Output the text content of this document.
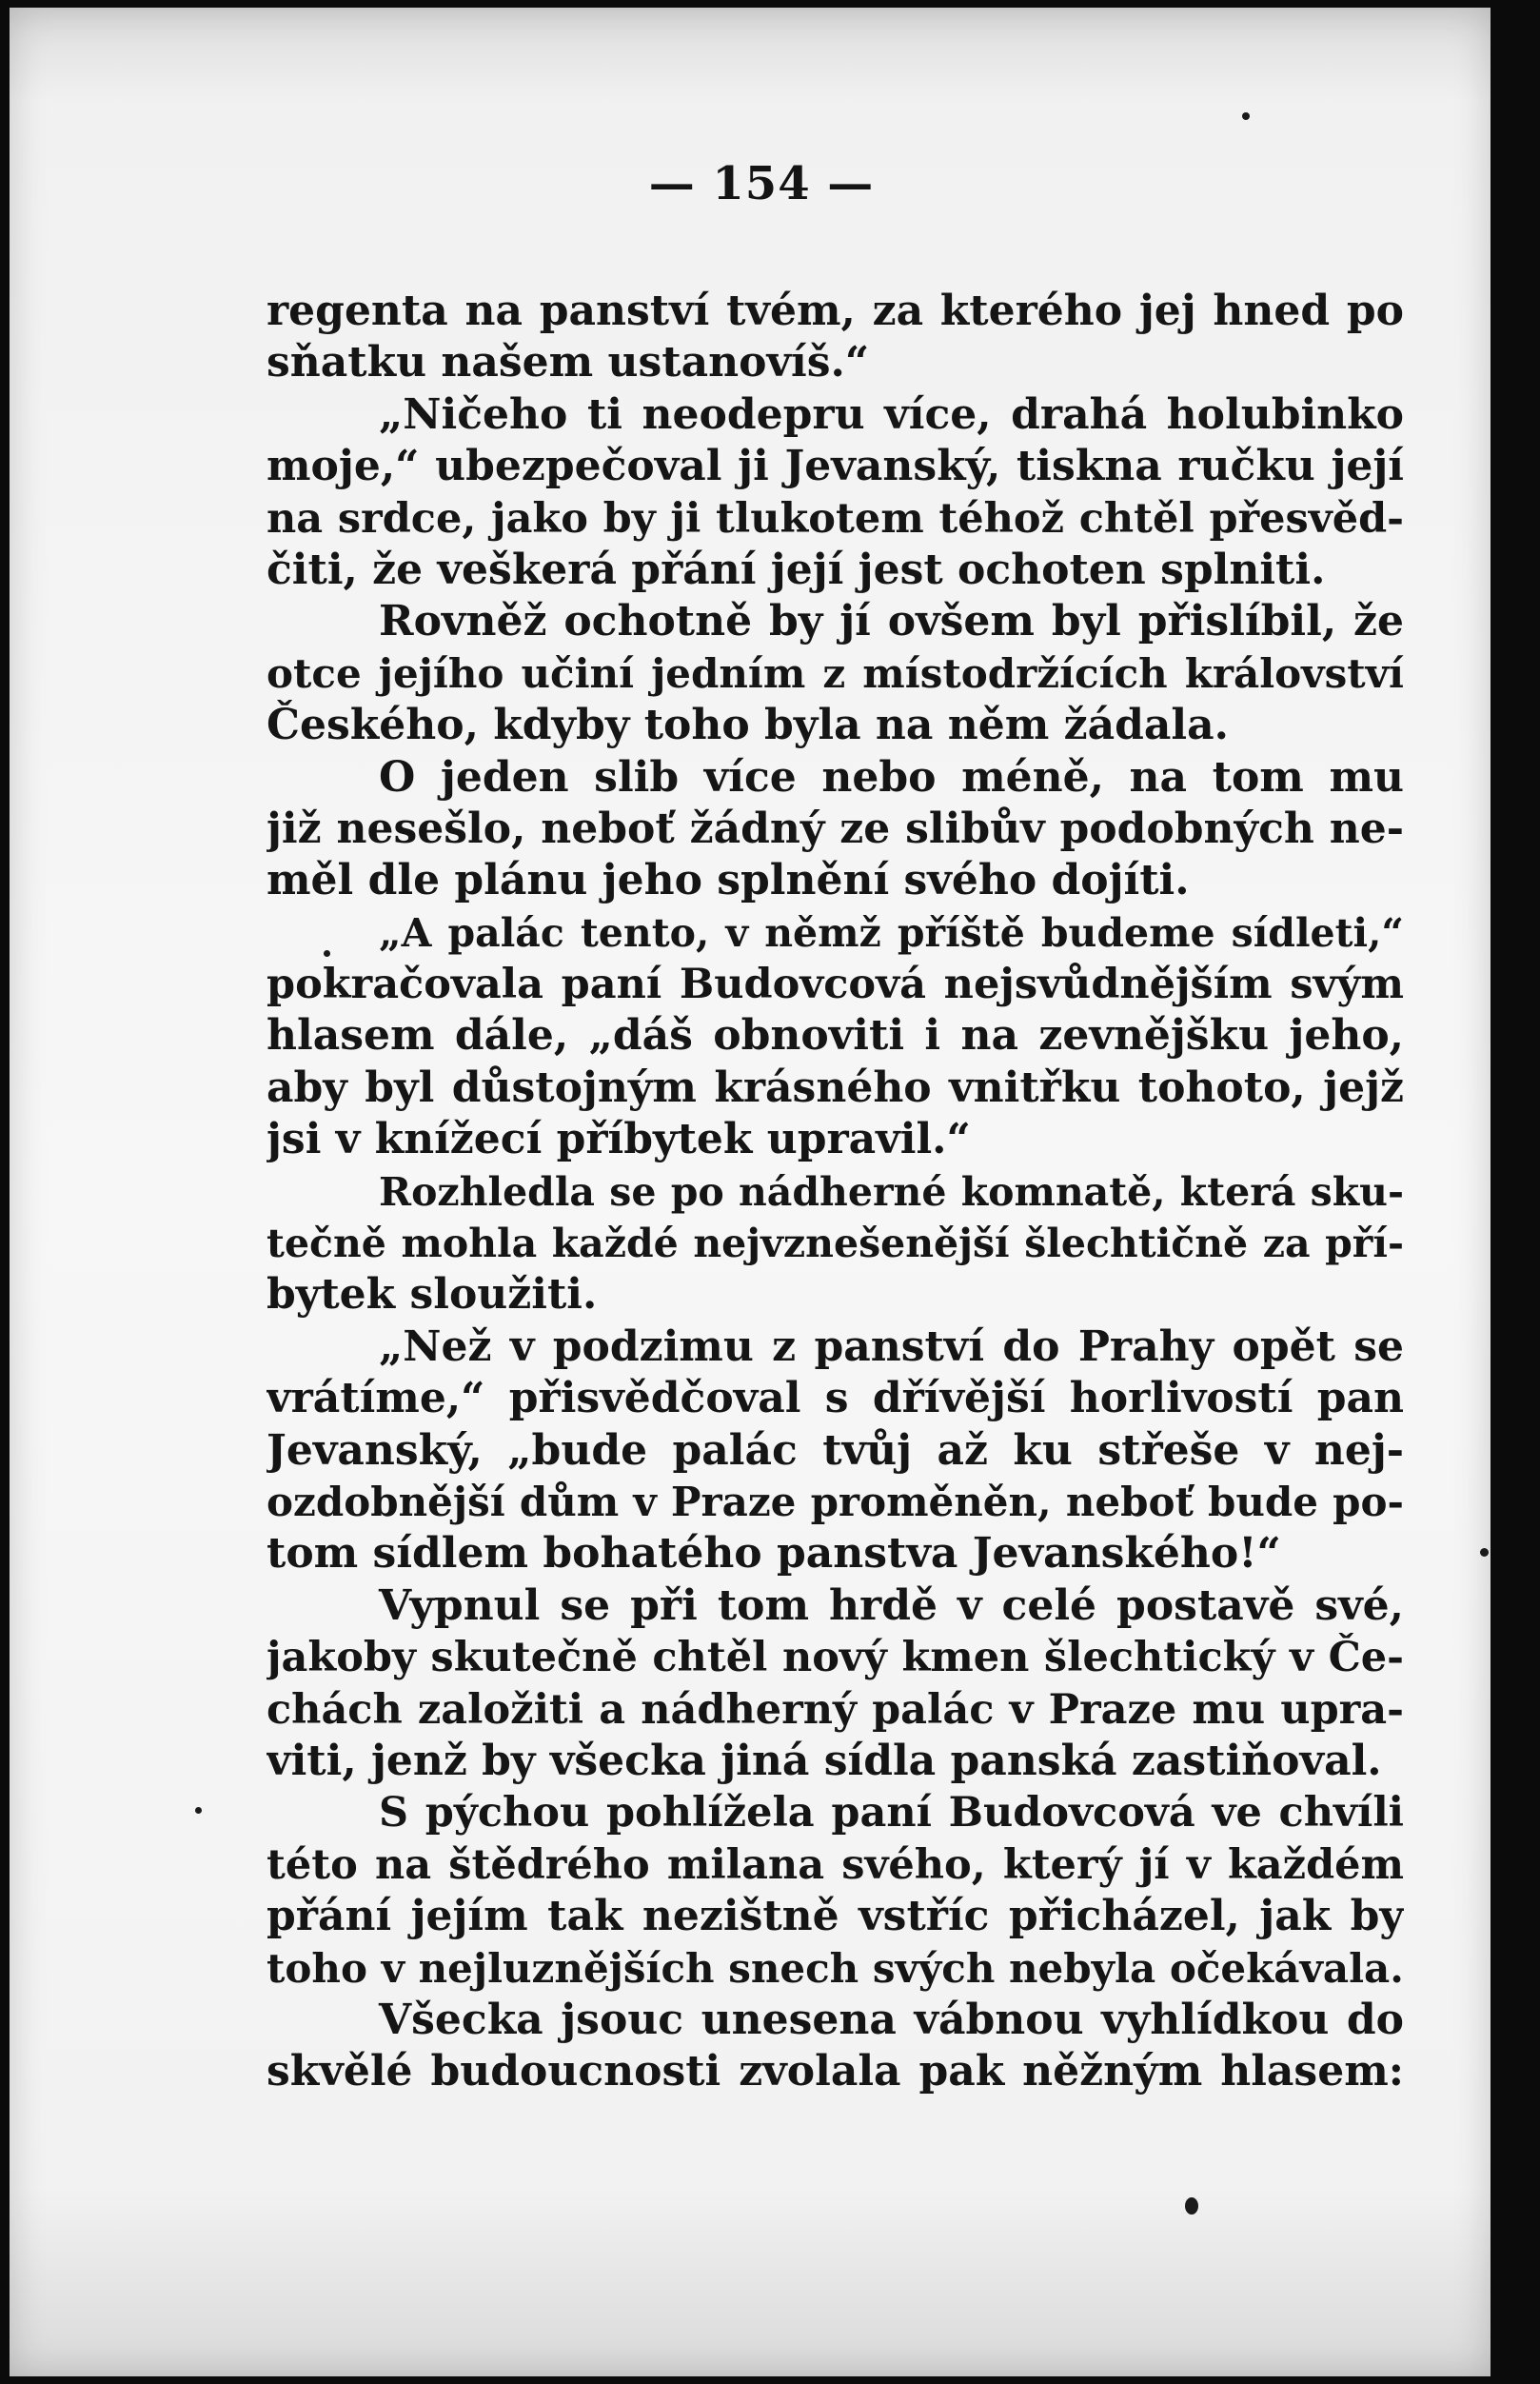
— 154 —
regenta na panství tvém, za kterého jej hned po
sňatku našem ustanovíš.“
„Ničeho ti neodepru více, drahá holubinko
moje,“ ubezpečoval ji Jevanský, tiskna ručku její
na srdce, jako by ji tlukotem téhož chtěl přesvěd-
čiti, že veškerá přání její jest ochoten splniti.
Rovněž ochotně by jí ovšem byl přislíbil, že
otce jejího učiní jedním z místodržících království
Českého, kdyby toho byla na něm žádala.
O jeden slib více nebo méně, na tom mu
již nesešlo, neboť žádný ze slibův podobných ne-
měl dle plánu jeho splnění svého dojíti.
„A palác tento, v němž příště budeme sídleti,“
pokračovala paní Budovcová nejsvůdnějším svým
hlasem dále, „dáš obnoviti i na zevnějšku jeho,
aby byl důstojným krásného vnitřku tohoto, jejž
jsi v knížecí příbytek upravil.“
Rozhledla se po nádherné komnatě, která sku-
tečně mohla každé nejvznešenější šlechtičně za pří-
bytek sloužiti.
„Než v podzimu z panství do Prahy opět se
vrátíme,“ přisvědčoval s dřívější horlivostí pan
Jevanský, „bude palác tvůj až ku střeše v nej-
ozdobnější dům v Praze proměněn, neboť bude po-
tom sídlem bohatého panstva Jevanského!“
Vypnul se při tom hrdě v celé postavě své,
jakoby skutečně chtěl nový kmen šlechtický v Če-
chách založiti a nádherný palác v Praze mu upra-
viti, jenž by všecka jiná sídla panská zastiňoval.
S pýchou pohlížela paní Budovcová ve chvíli
této na štědrého milana svého, který jí v každém
přání jejím tak nezištně vstříc přicházel, jak by
toho v nejluznějších snech svých nebyla očekávala.
Všecka jsouc unesena vábnou vyhlídkou do
skvělé budoucnosti zvolala pak něžným hlasem:
